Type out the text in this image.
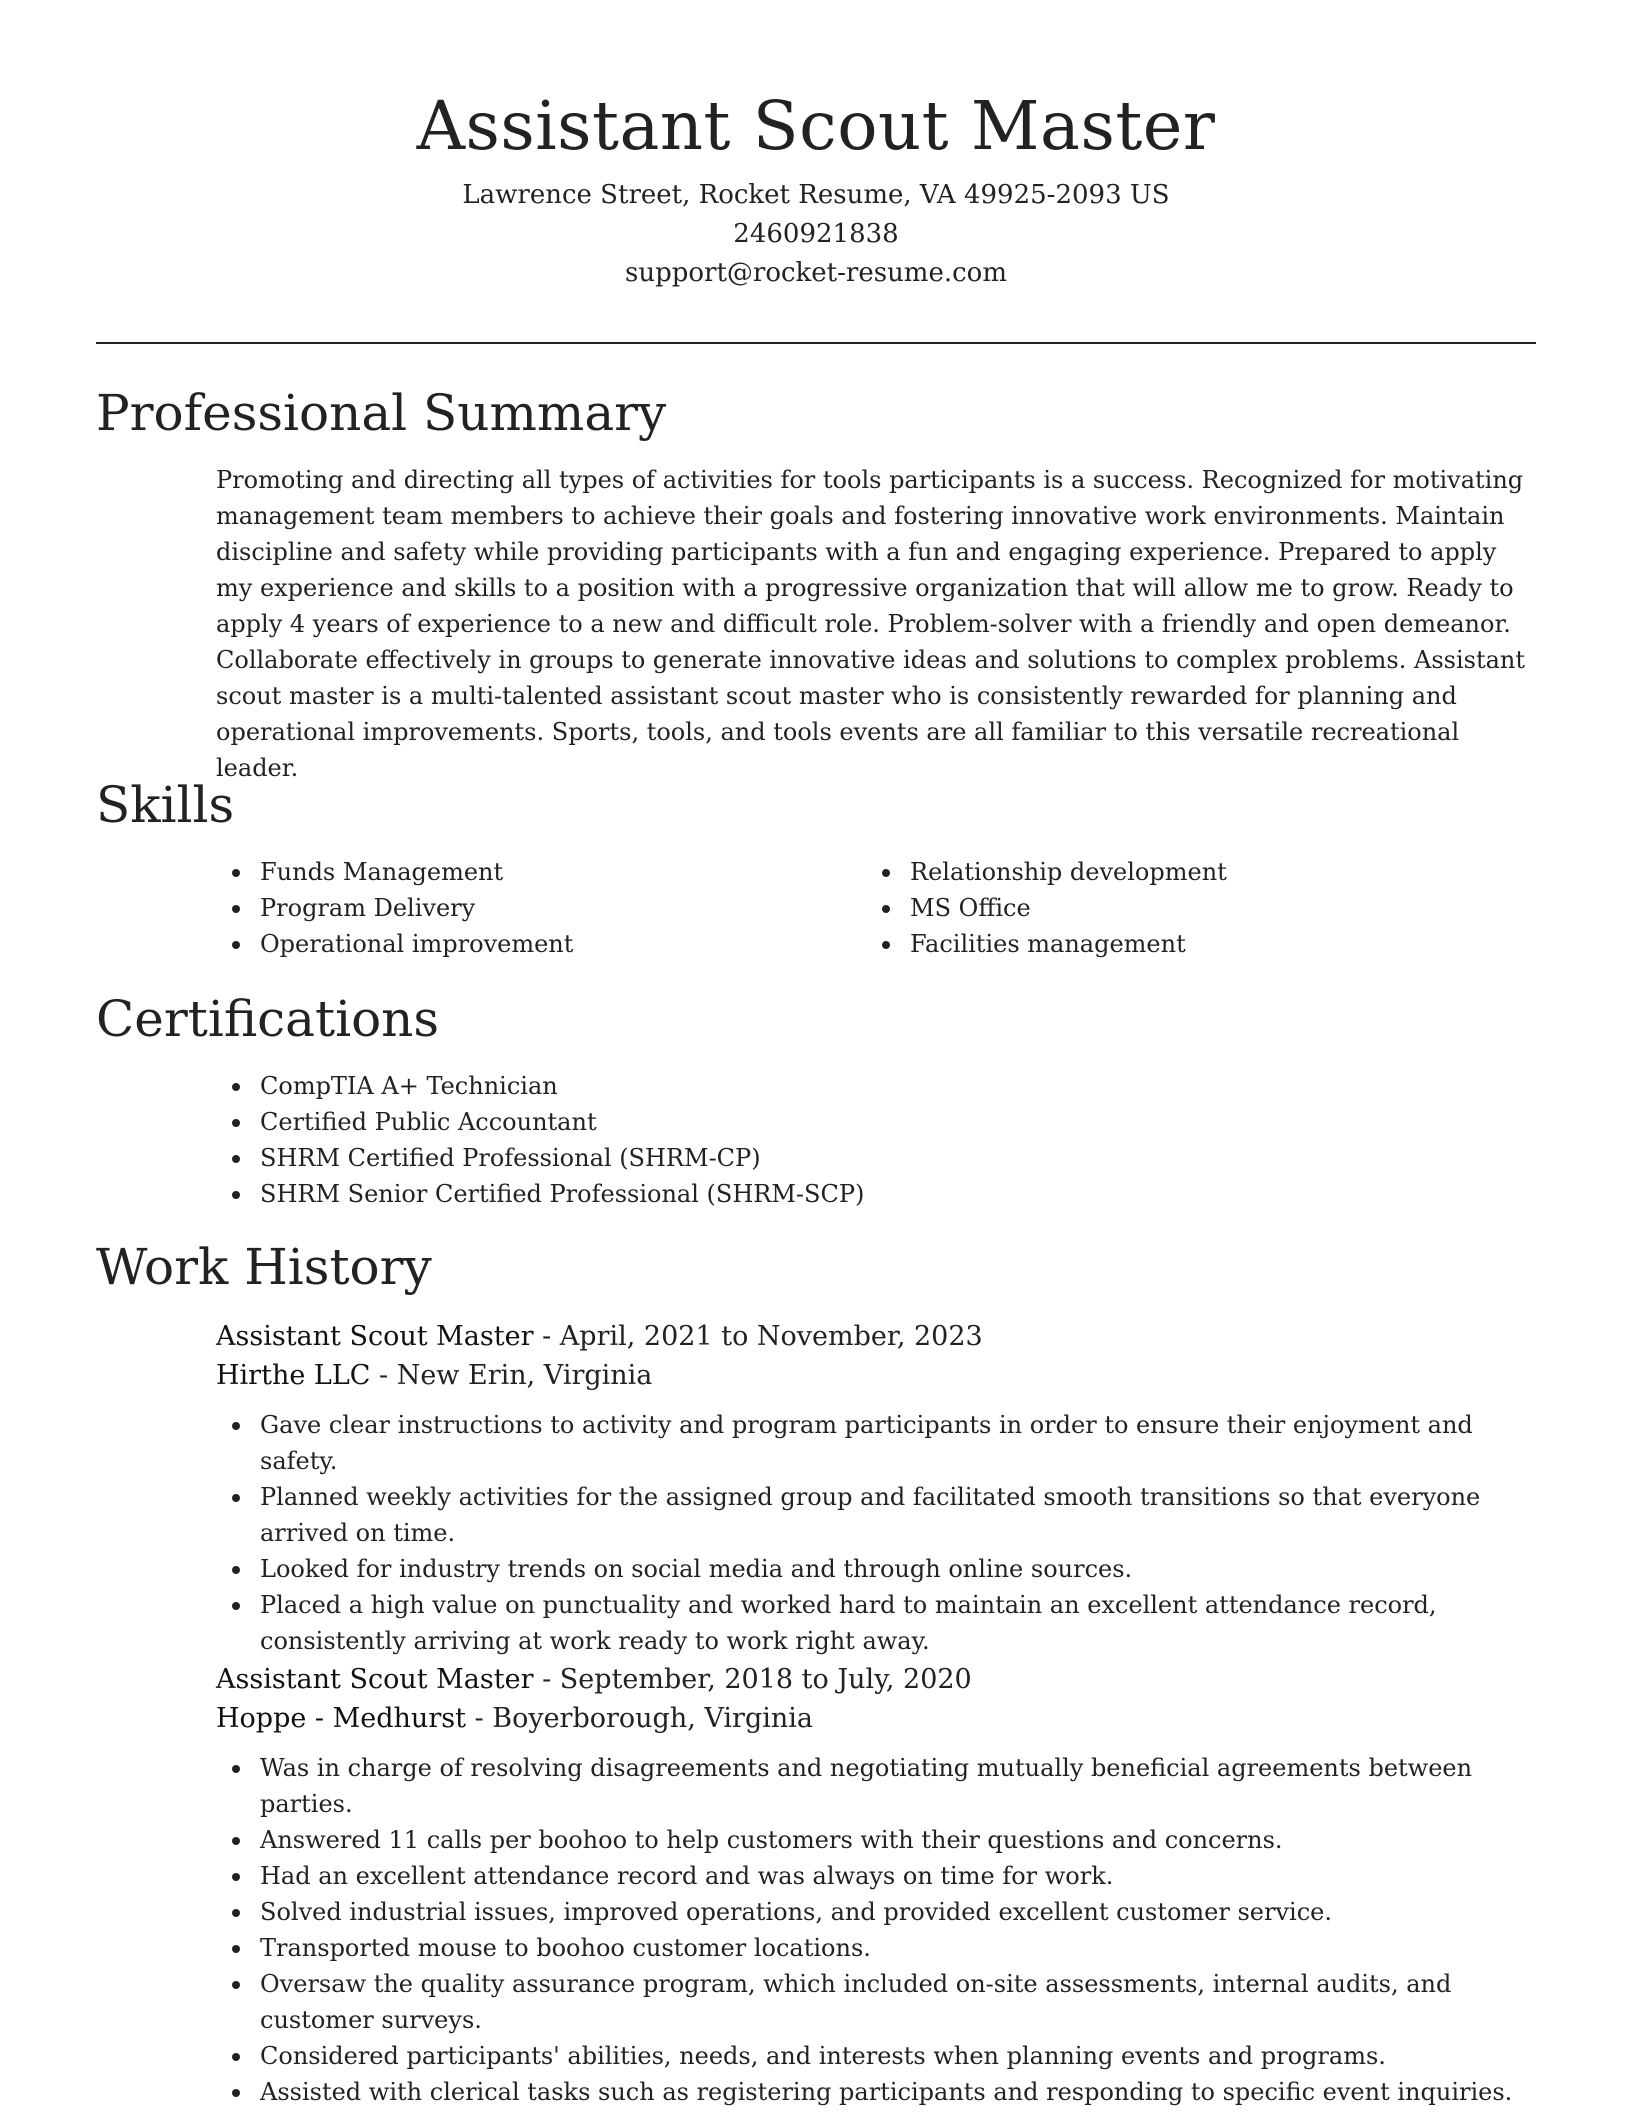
Assistant Scout Master
Lawrence Street, Rocket Resume, VA 49925-2093 US
2460921838
support@rocket-resume.com
Professional Summary

Promoting and directing all types of activities for tools participants is a success. Recognized for motivating management team members to achieve their goals and fostering innovative work environments. Maintain discipline and safety while providing participants with a fun and engaging experience. Prepared to apply my experience and skills to a position with a progressive organization that will allow me to grow. Ready to apply 4 years of experience to a new and difficult role. Problem-solver with a friendly and open demeanor. Collaborate effectively in groups to generate innovative ideas and solutions to complex problems. Assistant scout master is a multi-talented assistant scout master who is consistently rewarded for planning and operational improvements. Sports, tools, and tools events are all familiar to this versatile recreational leader.

Skills
Funds Management
Program Delivery
Operational improvement
Relationship development
MS Office
Facilities management
Certifications
CompTIA A+ Technician
Certified Public Accountant
SHRM Certified Professional (SHRM-CP)
SHRM Senior Certified Professional (SHRM-SCP)
Work History
Assistant Scout Master - April, 2021 to November, 2023
Hirthe LLC - New Erin, Virginia
Gave clear instructions to activity and program participants in order to ensure their enjoyment and safety.
Planned weekly activities for the assigned group and facilitated smooth transitions so that everyone arrived on time.
Looked for industry trends on social media and through online sources.
Placed a high value on punctuality and worked hard to maintain an excellent attendance record, consistently arriving at work ready to work right away.
Assistant Scout Master - September, 2018 to July, 2020
Hoppe - Medhurst - Boyerborough, Virginia
Was in charge of resolving disagreements and negotiating mutually beneficial agreements between parties.
Answered 11 calls per boohoo to help customers with their questions and concerns.
Had an excellent attendance record and was always on time for work.
Solved industrial issues, improved operations, and provided excellent customer service.
Transported mouse to boohoo customer locations.
Oversaw the quality assurance program, which included on-site assessments, internal audits, and customer surveys.
Considered participants' abilities, needs, and interests when planning events and programs.
Assisted with clerical tasks such as registering participants and responding to specific event inquiries.
